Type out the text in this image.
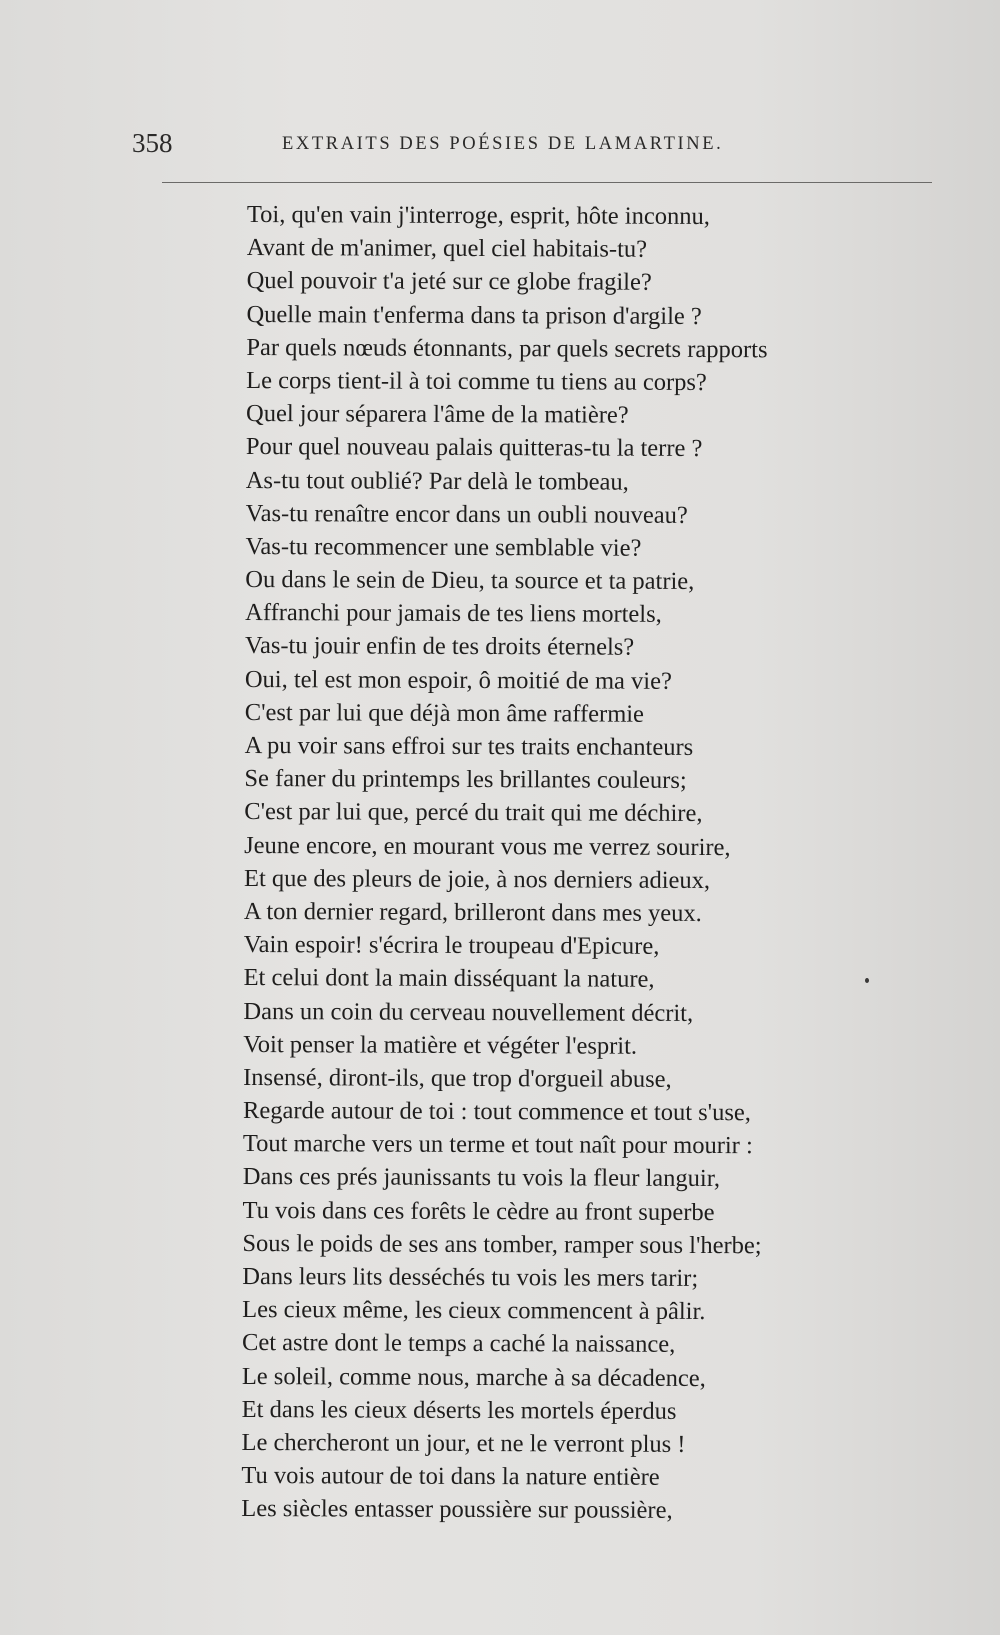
358	EXTRAITS DES POÉSIES DE LAMARTINE.
Toi, qu'en vain j'interroge, esprit, hôte inconnu,
Avant de m'animer, quel ciel habitais-tu?
Quel pouvoir t'a jeté sur ce globe fragile?
Quelle main t'enferma dans ta prison d'argile ?
Par quels nœuds étonnants, par quels secrets rapports
Le corps tient-il à toi comme tu tiens au corps?
Quel jour séparera l'âme de la matière?
Pour quel nouveau palais quitteras-tu la terre ?
As-tu tout oublié? Par delà le tombeau,
Vas-tu renaître encor dans un oubli nouveau?
Vas-tu recommencer une semblable vie?
Ou dans le sein de Dieu, ta source et ta patrie,
Affranchi pour jamais de tes liens mortels,
Vas-tu jouir enfin de tes droits éternels?
Oui, tel est mon espoir, ô moitié de ma vie?
C'est par lui que déjà mon âme raffermie
A pu voir sans effroi sur tes traits enchanteurs
Se faner du printemps les brillantes couleurs;
C'est par lui que, percé du trait qui me déchire,
Jeune encore, en mourant vous me verrez sourire,
Et que des pleurs de joie, à nos derniers adieux,
A ton dernier regard, brilleront dans mes yeux.
Vain espoir! s'écrira le troupeau d'Epicure,
Et celui dont la main disséquant la nature,
Dans un coin du cerveau nouvellement décrit,
Voit penser la matière et végéter l'esprit.
Insensé, diront-ils, que trop d'orgueil abuse,
Regarde autour de toi : tout commence et tout s'use,
Tout marche vers un terme et tout naît pour mourir :
Dans ces prés jaunissants tu vois la fleur languir,
Tu vois dans ces forêts le cèdre au front superbe
Sous le poids de ses ans tomber, ramper sous l'herbe;
Dans leurs lits desséchés tu vois les mers tarir;
Les cieux même, les cieux commencent à pâlir.
Cet astre dont le temps a caché la naissance,
Le soleil, comme nous, marche à sa décadence,
Et dans les cieux déserts les mortels éperdus
Le chercheront un jour, et ne le verront plus !
Tu vois autour de toi dans la nature entière
Les siècles entasser poussière sur poussière,
